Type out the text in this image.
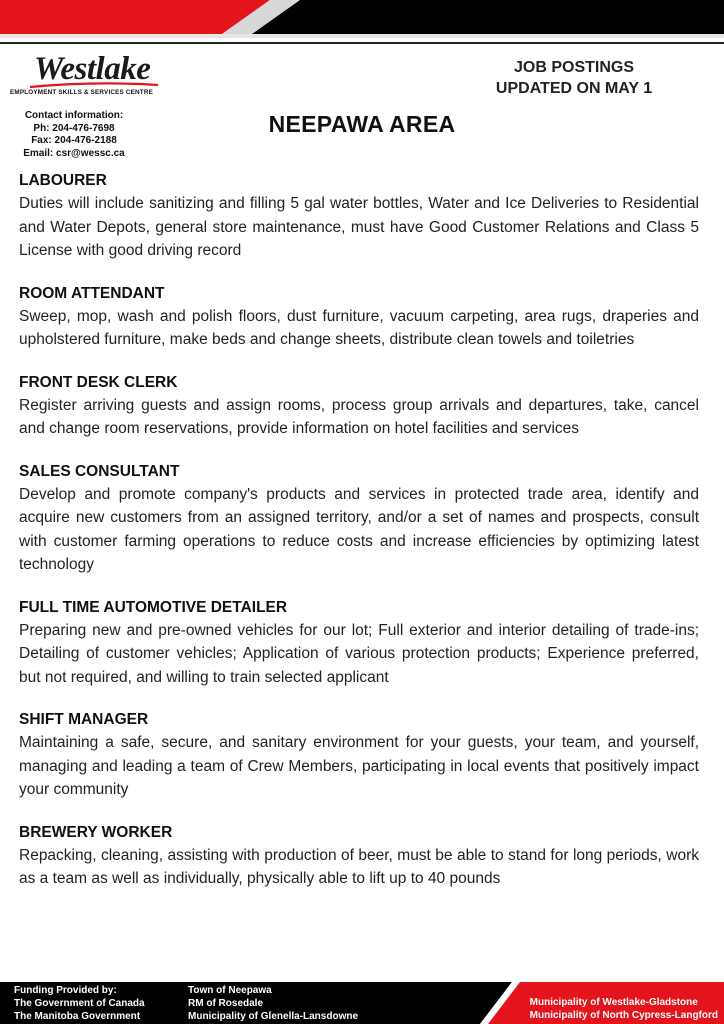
Westlake
EMPLOYMENT SKILLS & SERVICES CENTRE
Contact information:
Ph: 204-476-7698
Fax: 204-476-2188
Email: csr@wessc.ca
JOB POSTINGS
UPDATED ON MAY 1
NEEPAWA AREA
LABOURER
Duties will include sanitizing and filling 5 gal water bottles, Water and Ice Deliveries to Residential and Water Depots, general store maintenance, must have Good Customer Relations and Class 5 License with good driving record
ROOM ATTENDANT
Sweep, mop, wash and polish floors, dust furniture, vacuum carpeting, area rugs, draperies and upholstered furniture, make beds and change sheets, distribute clean towels and toiletries
FRONT DESK CLERK
Register arriving guests and assign rooms, process group arrivals and departures, take, cancel and change room reservations, provide information on hotel facilities and services
SALES CONSULTANT
Develop and promote company's products and services in protected trade area, identify and acquire new customers from an assigned territory, and/or a set of names and prospects, consult with customer farming operations to reduce costs and increase efficiencies by optimizing latest technology
FULL TIME AUTOMOTIVE DETAILER
Preparing new and pre-owned vehicles for our lot; Full exterior and interior detailing of trade-ins; Detailing of customer vehicles; Application of various protection products; Experience preferred, but not required, and willing to train selected applicant
SHIFT MANAGER
Maintaining a safe, secure, and sanitary environment for your guests, your team, and yourself, managing and leading a team of Crew Members, participating in local events that positively impact your community
BREWERY WORKER
Repacking, cleaning, assisting with production of beer, must be able to stand for long periods, work as a team as well as individually, physically able to lift up to 40 pounds
Funding Provided by:
The Government of Canada
The Manitoba Government
Town of Neepawa
RM of Rosedale
Municipality of Glenella-Lansdowne
Municipality of Westlake-Gladstone
Municipality of North Cypress-Langford
